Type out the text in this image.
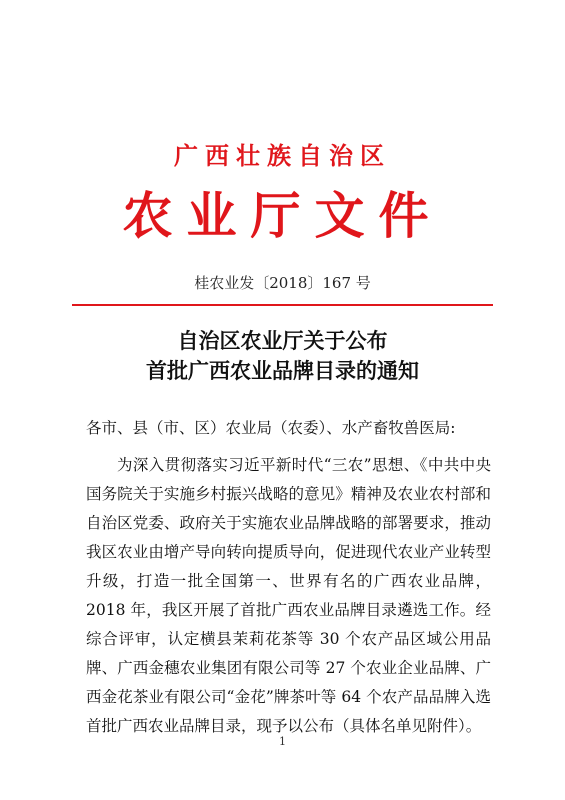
广西壮族自治区
农业厅文件
桂农业发〔2018〕167 号
自治区农业厅关于公布
首批广西农业品牌目录的通知
各市、县（市、区）农业局（农委）、水产畜牧兽医局:
为深入贯彻落实习近平新时代“三农”思想、《中共中央国务院关于实施乡村振兴战略的意见》精神及农业农村部和自治区党委、政府关于实施农业品牌战略的部署要求，推动我区农业由增产导向转向提质导向，促进现代农业产业转型升级，打造一批全国第一、世界有名的广西农业品牌， 2018 年，我区开展了首批广西农业品牌目录遴选工作。经综合评审，认定横县茉莉花茶等 30 个农产品区域公用品牌、广西金穗农业集团有限公司等 27 个农业企业品牌、广西金花茶业有限公司“金花”牌茶叶等 64 个农产品品牌入选首批广西农业品牌目录，现予以公布（具体名单见附件）。
1
